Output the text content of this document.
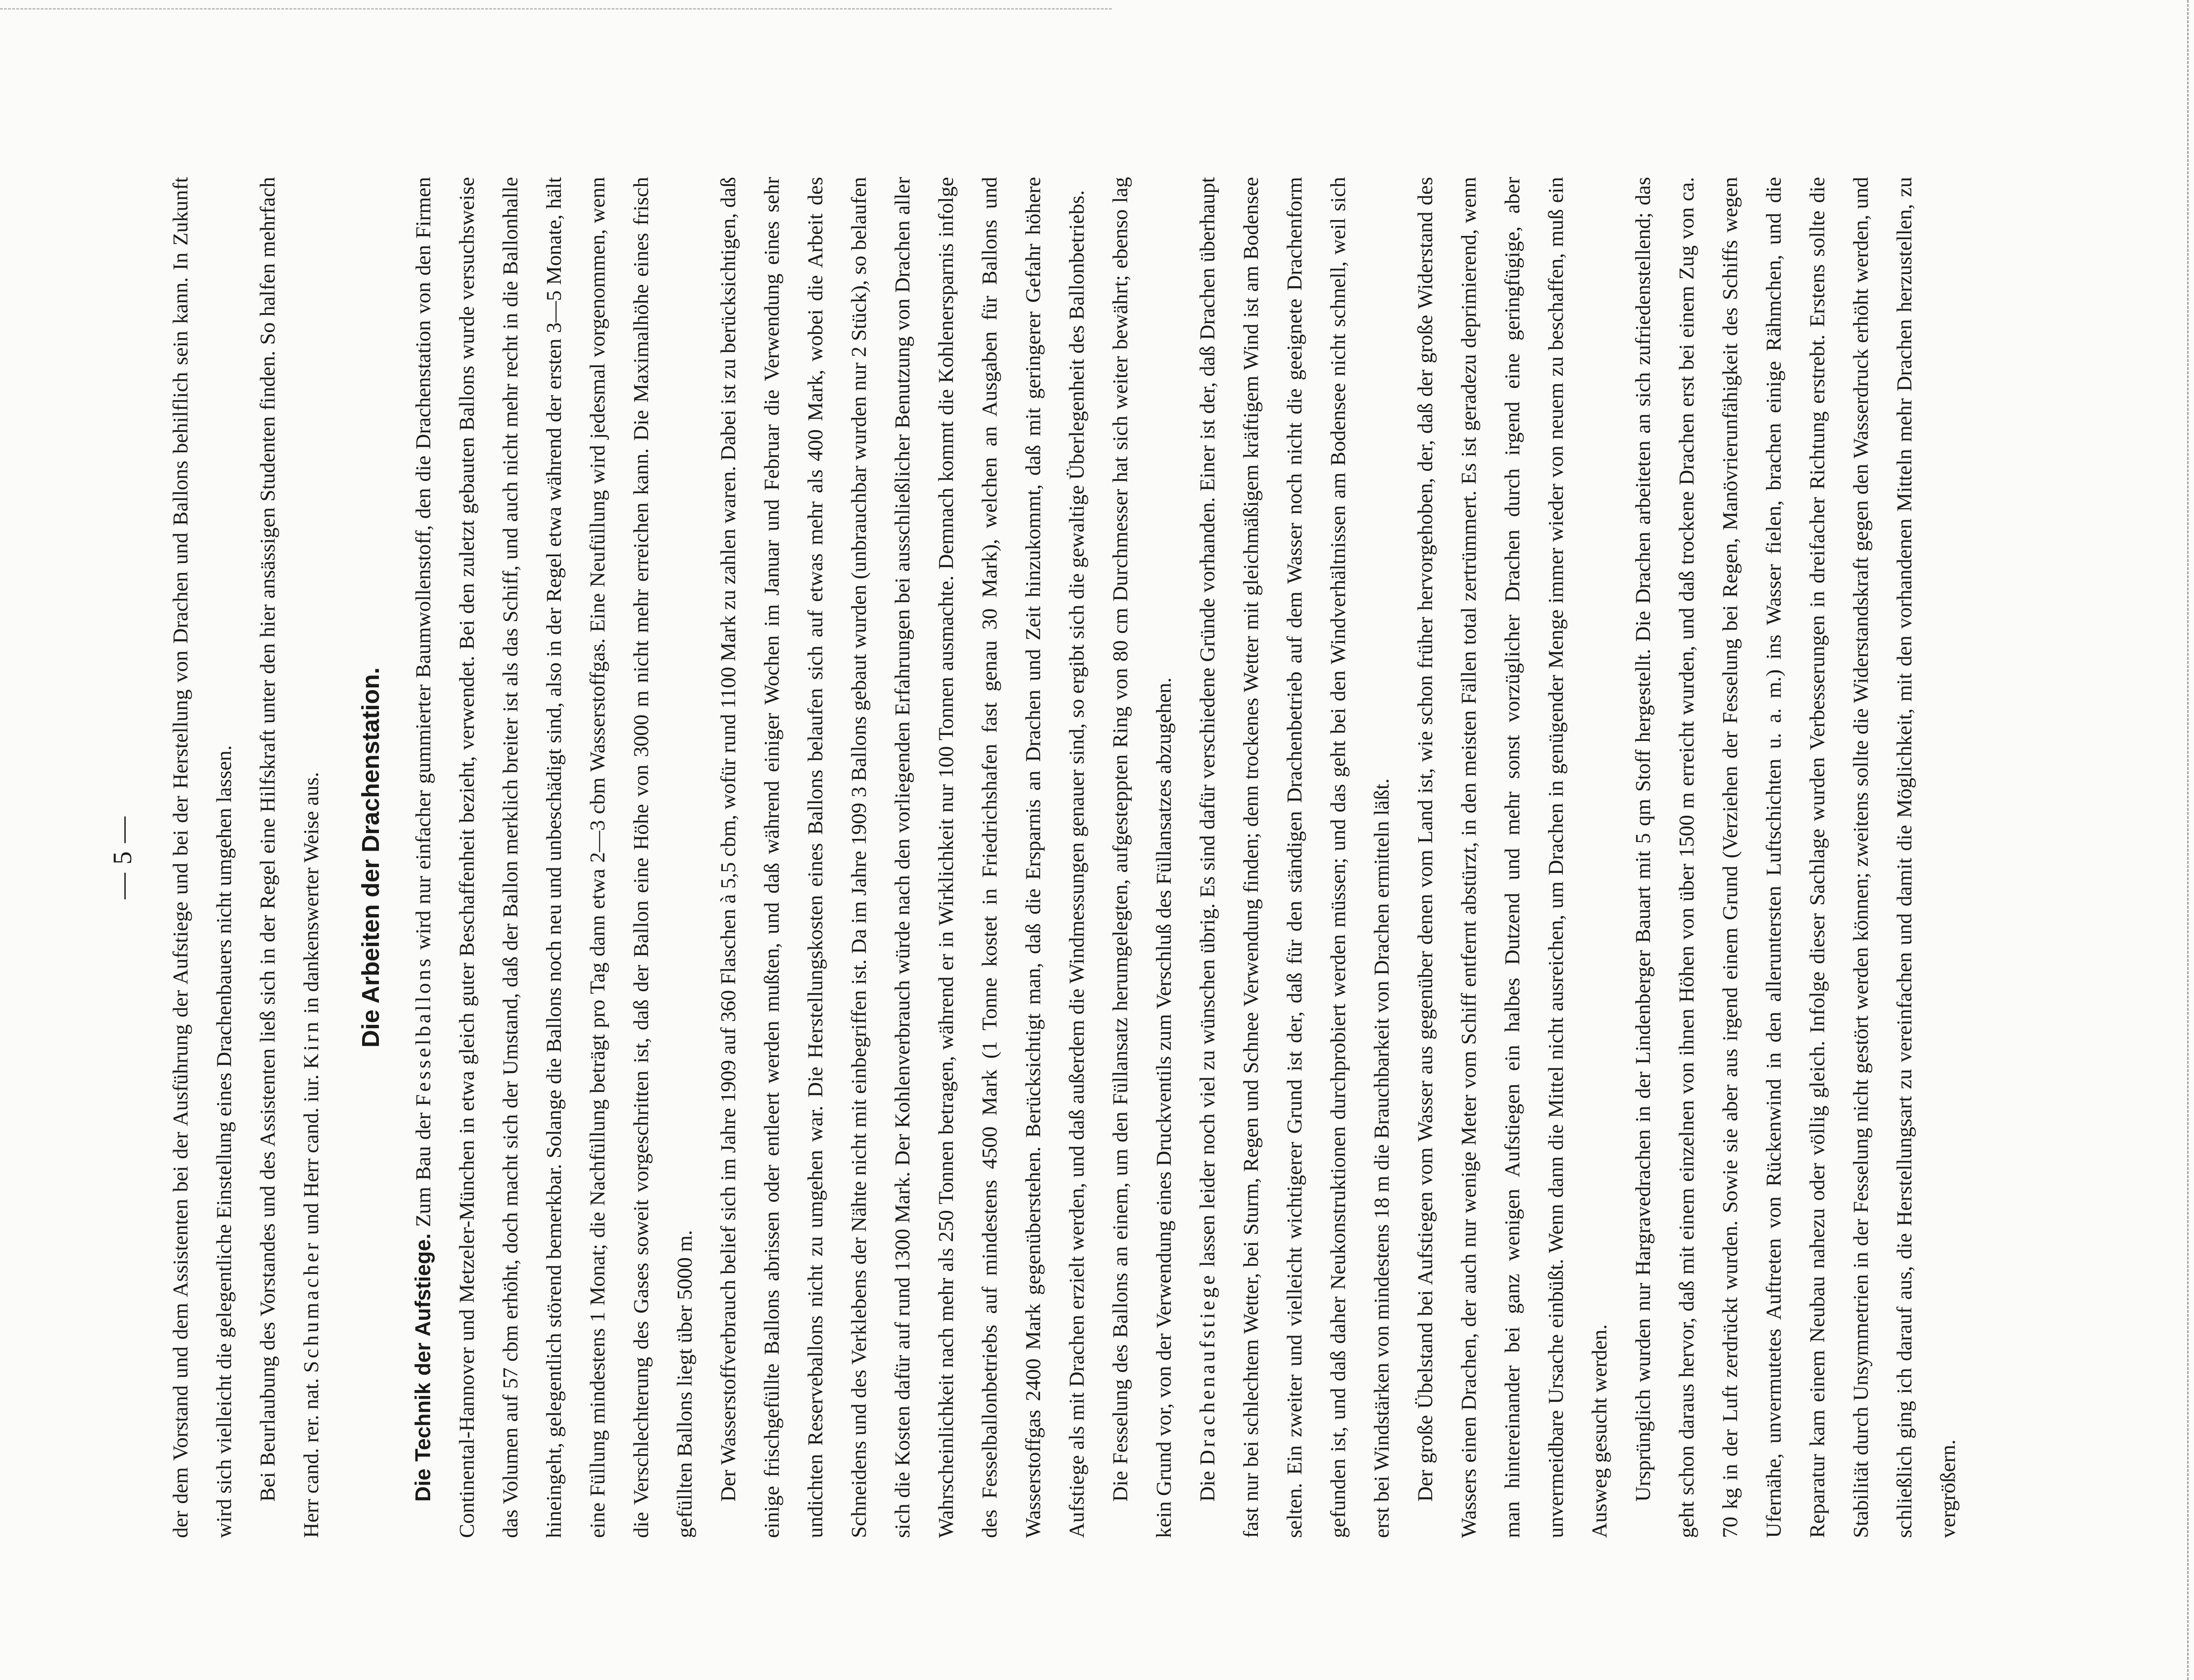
— 5 —	der dem Vorstand und dem Assistenten bei der Ausführung der Aufstiege und bei der Herstellung von Drachen und Ballons behilflich sein kann. In Zukunft wird sich vielleicht die gelegentliche Einstellung eines Drachenbauers nicht umgehen lassen. Bei Beurlaubung des Vorstandes und des Assistenten ließ sich in der Regel eine Hilfskraft unter den hier ansässigen Studenten finden. So halfen mehrfach Herr cand. rer. nat. Schumacher und Herr cand. iur. Kirn in dankenswerter Weise aus.	Die Arbeiten der Drachenstation.

Die Technik der Aufstiege. Zum Bau der Fesselballons wird nur einfacher gummierter Baumwollenstoff, den die Drachenstation von den Firmen Continental-Hannover und Metzeler-München in etwa gleich guter Beschaffenheit bezieht, verwendet. Bei den zuletzt gebauten Ballons wurde versuchsweise das Volumen auf 57 cbm erhöht, doch macht sich der Umstand, daß der Ballon merklich breiter ist als das Schiff, und auch nicht mehr recht in die Ballonhalle hineingeht, gelegentlich störend bemerkbar. Solange die Ballons noch neu und unbeschädigt sind, also in der Regel etwa während der ersten 3—5 Monate, hält eine Füllung mindestens 1 Monat; die Nachfüllung beträgt pro Tag dann etwa 2—3 cbm Wasserstoffgas. Eine Neufüllung wird jedesmal vorgenommen, wenn die Verschlechterung des Gases soweit vorgeschritten ist, daß der Ballon eine Höhe von 3000 m nicht mehr erreichen kann. Die Maximalhöhe eines frisch gefüllten Ballons liegt über 5000 m. Der Wasserstoffverbrauch belief sich im Jahre 1909 auf 360 Flaschen à 5,5 cbm, wofür rund 1100 Mark zu zahlen waren. Dabei ist zu berücksichtigen, daß einige frischgefüllte Ballons abrissen oder entleert werden mußten, und daß während einiger Wochen im Januar und Februar die Verwendung eines sehr undichten Reserveballons nicht zu umgehen war. Die Herstellungskosten eines Ballons belaufen sich auf etwas mehr als 400 Mark, wobei die Arbeit des Schneidens und des Verklebens der Nähte nicht mit einbegriffen ist. Da im Jahre 1909 3 Ballons gebaut wurden (unbrauchbar wurden nur 2 Stück), so belaufen sich die Kosten dafür auf rund 1300 Mark. Der Kohlenverbrauch würde nach den vorliegenden Erfahrungen bei ausschließlicher Benutzung von Drachen aller Wahrscheinlichkeit nach mehr als 250 Tonnen betragen, während er in Wirklichkeit nur 100 Tonnen ausmachte. Demnach kommt die Kohlenersparnis infolge des Fesselballonbetriebs auf mindestens 4500 Mark (1 Tonne kostet in Friedrichshafen fast genau 30 Mark), welchen an Ausgaben für Ballons und Wasserstoffgas 2400 Mark gegenüberstehen. Berücksichtigt man, daß die Ersparnis an Drachen und Zeit hinzukommt, daß mit geringerer Gefahr höhere Aufstiege als mit Drachen erzielt werden, und daß außerdem die Windmessungen genauer sind, so ergibt sich die gewaltige Überlegenheit des Ballonbetriebs. Die Fesselung des Ballons an einem, um den Füllansatz herumgelegten, aufgesteppten Ring von 80 cm Durchmesser hat sich weiter bewährt; ebenso lag kein Grund vor, von der Verwendung eines Druckventils zum Verschluß des Füllansatzes abzugehen. Die Drachenaufstiege lassen leider noch viel zu wünschen übrig. Es sind dafür verschiedene Gründe vorhanden. Einer ist der, daß Drachen überhaupt fast nur bei schlechtem Wetter, bei Sturm, Regen und Schnee Verwendung finden; denn trockenes Wetter mit gleichmäßigem kräftigem Wind ist am Bodensee selten. Ein zweiter und vielleicht wichtigerer Grund ist der, daß für den ständigen Drachenbetrieb auf dem Wasser noch nicht die geeignete Drachenform gefunden ist, und daß daher Neukonstruktionen durchprobiert werden müssen; und das geht bei den Windverhältnissen am Bodensee nicht schnell, weil sich erst bei Windstärken von mindestens 18 m die Brauchbarkeit von Drachen ermitteln läßt. Der große Übelstand bei Aufstiegen vom Wasser aus gegenüber denen vom Land ist, wie schon früher hervorgehoben, der, daß der große Widerstand des Wassers einen Drachen, der auch nur wenige Meter vom Schiff entfernt abstürzt, in den meisten Fällen total zertrümmert. Es ist geradezu deprimierend, wenn man hintereinander bei ganz wenigen Aufstiegen ein halbes Dutzend und mehr sonst vorzüglicher Drachen durch irgend eine geringfügige, aber unvermeidbare Ursache einbüßt. Wenn dann die Mittel nicht ausreichen, um Drachen in genügender Menge immer wieder von neuem zu beschaffen, muß ein Ausweg gesucht werden. Ursprünglich wurden nur Hargravedrachen in der Lindenberger Bauart mit 5 qm Stoff hergestellt. Die Drachen arbeiteten an sich zufriedenstellend; das geht schon daraus hervor, daß mit einem einzelnen von ihnen Höhen von über 1500 m erreicht wurden, und daß trockene Drachen erst bei einem Zug von ca. 70 kg in der Luft zerdrückt wurden. Sowie sie aber aus irgend einem Grund (Verziehen der Fesselung bei Regen, Manövrierunfähigkeit des Schiffs wegen Ufernähe, unvermutetes Auftreten von Rückenwind in den alleruntersten Luftschichten u. a. m.) ins Wasser fielen, brachen einige Rähmchen, und die Reparatur kam einem Neubau nahezu oder völlig gleich. Infolge dieser Sachlage wurden Verbesserungen in dreifacher Richtung erstrebt. Erstens sollte die Stabilität durch Unsymmetrien in der Fesselung nicht gestört werden können; zweitens sollte die Widerstandskraft gegen den Wasserdruck erhöht werden, und schließlich ging ich darauf aus, die Herstellungsart zu vereinfachen und damit die Möglichkeit, mit den vorhandenen Mitteln mehr Drachen herzustellen, zu vergrößern.
